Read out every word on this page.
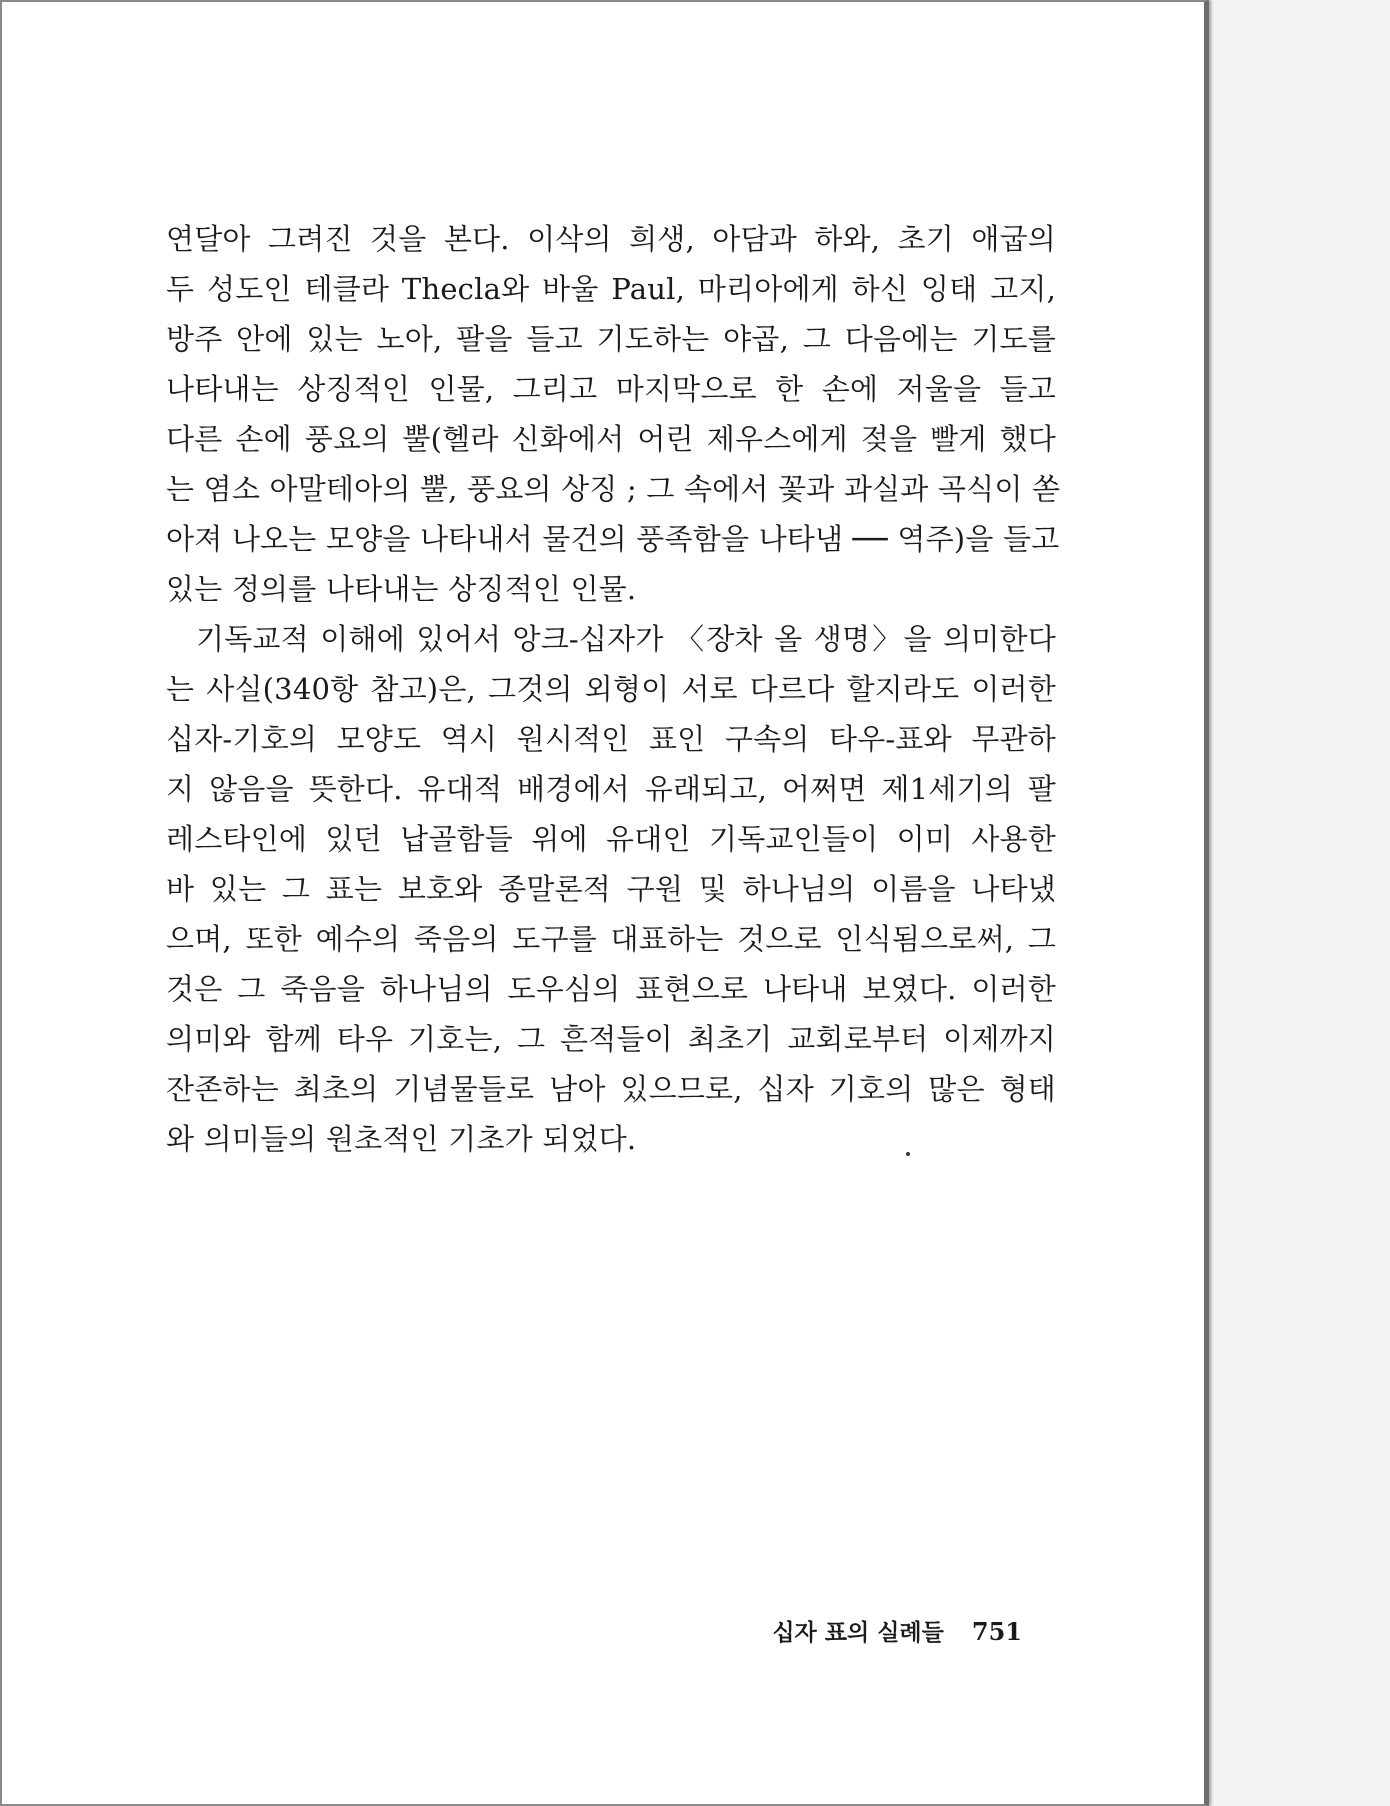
연달아 그려진 것을 본다. 이삭의 희생, 아담과 하와, 초기 애굽의
두 성도인 테클라 Thecla와 바울 Paul, 마리아에게 하신 잉태 고지,
방주 안에 있는 노아, 팔을 들고 기도하는 야곱, 그 다음에는 기도를
나타내는 상징적인 인물, 그리고 마지막으로 한 손에 저울을 들고
다른 손에 풍요의 뿔(헬라 신화에서 어린 제우스에게 젖을 빨게 했다
는 염소 아말테아의 뿔, 풍요의 상징 ; 그 속에서 꽃과 과실과 곡식이 쏟
아져 나오는 모양을 나타내서 물건의 풍족함을 나타냄 ── 역주)을 들고
있는 정의를 나타내는 상징적인 인물.
기독교적 이해에 있어서 앙크-십자가 〈장차 올 생명〉을 의미한다
는 사실(340항 참고)은, 그것의 외형이 서로 다르다 할지라도 이러한
십자-기호의 모양도 역시 원시적인 표인 구속의 타우-표와 무관하
지 않음을 뜻한다. 유대적 배경에서 유래되고, 어쩌면 제1세기의 팔
레스타인에 있던 납골함들 위에 유대인 기독교인들이 이미 사용한
바 있는 그 표는 보호와 종말론적 구원 및 하나님의 이름을 나타냈
으며, 또한 예수의 죽음의 도구를 대표하는 것으로 인식됨으로써, 그
것은 그 죽음을 하나님의 도우심의 표현으로 나타내 보였다. 이러한
의미와 함께 타우 기호는, 그 흔적들이 최초기 교회로부터 이제까지
잔존하는 최초의 기념물들로 남아 있으므로, 십자 기호의 많은 형태
와 의미들의 원초적인 기초가 되었다.
십자 표의 실례들 751
